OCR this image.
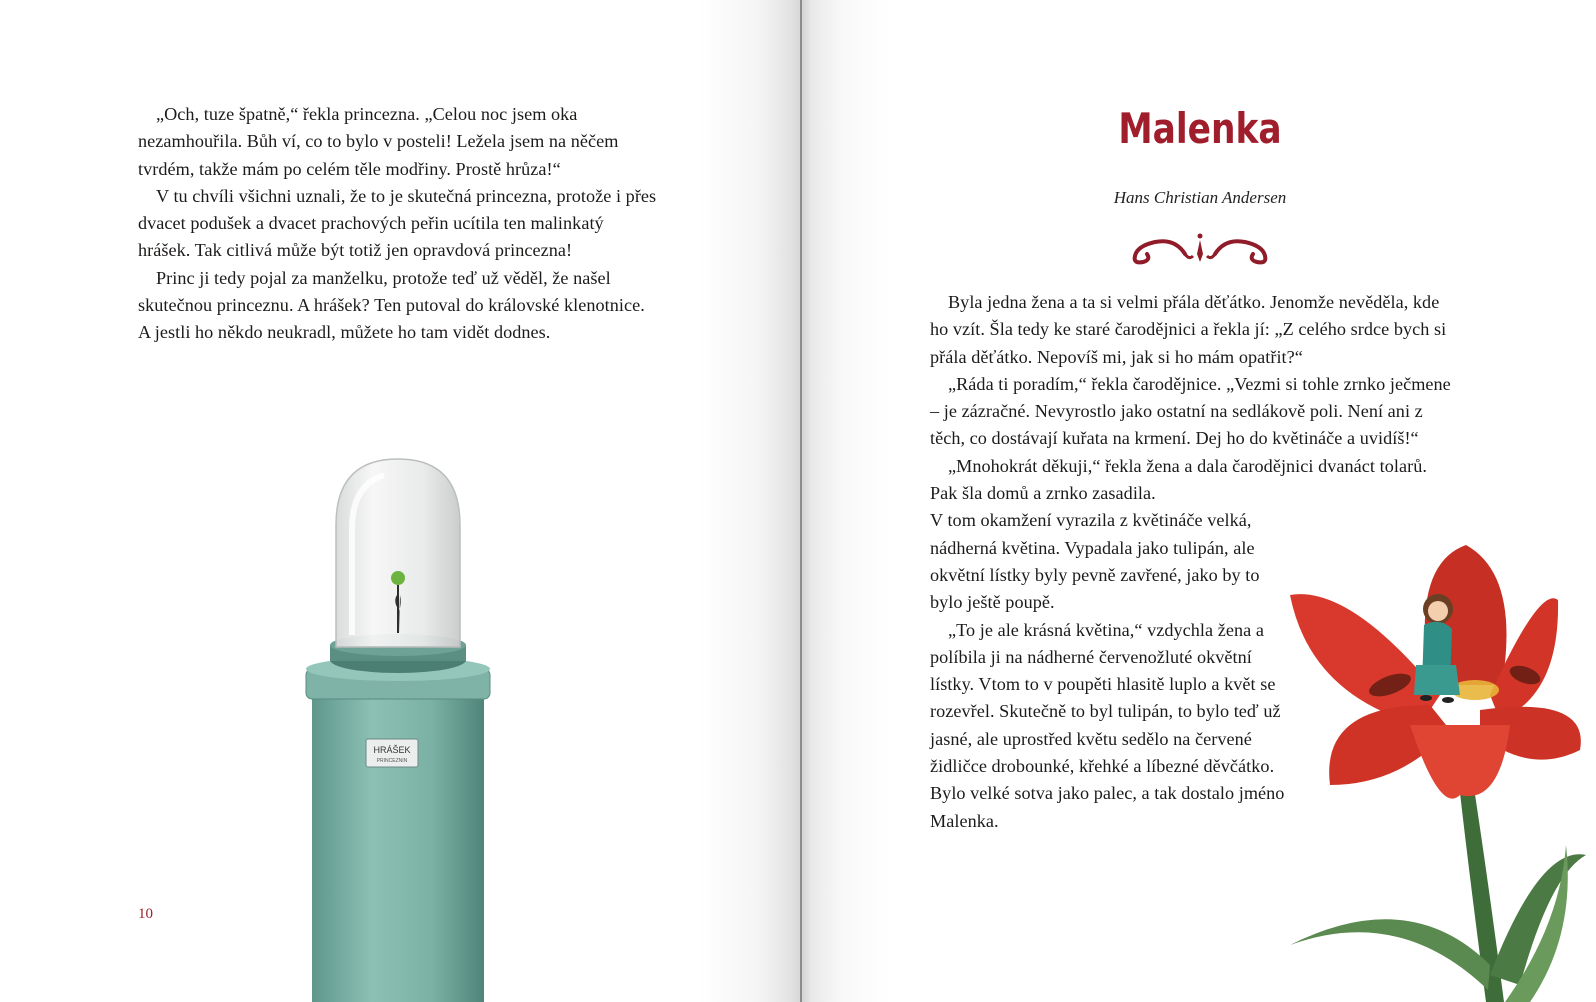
„Och, tuze špatně,“ řekla princezna. „Celou noc jsem oka nezamhouřila. Bůh ví, co to bylo v posteli! Ležela jsem na něčem tvrdém, takže mám po celém těle modřiny. Prostě hrůza!“

V tu chvíli všichni uznali, že to je skutečná princezna, protože i přes dvacet podušek a dvacet prachových peřin ucítila ten malinkatý hrášek. Tak citlivá může být totiž jen opravdová princezna!

Princ ji tedy pojal za manželku, protože teď už věděl, že našel skutečnou princeznu. A hrášek? Ten putoval do královské klenotnice. A jestli ho někdo neukradl, můžete ho tam vidět dodnes.

10
HRÁŠEK
PRINCEZNIN
Malenka
Hans Christian Andersen

Byla jedna žena a ta si velmi přála děťátko. Jenomže nevěděla, kde ho vzít. Šla tedy ke staré čarodějnici a řekla jí: „Z celého srdce bych si přála děťátko. Nepovíš mi, jak si ho mám opatřit?“

„Ráda ti poradím,“ řekla čarodějnice. „Vezmi si tohle zrnko ječmene – je zázračné. Nevyrostlo jako ostatní na sedlákově poli. Není ani z těch, co dostávají kuřata na krmení. Dej ho do květináče a uvidíš!“

„Mnohokrát děkuji,“ řekla žena a dala čarodějnici dvanáct tolarů. Pak šla domů a zrnko zasadila.

V tom okamžení vyrazila z květináče velká, nádherná květina. Vypadala jako tulipán, ale okvětní lístky byly pevně zavřené, jako by to bylo ještě poupě.

„To je ale krásná květina,“ vzdychla žena a políbila ji na nádherné červenožluté okvětní lístky. Vtom to v poupěti hlasitě luplo a květ se rozevřel. Skutečně to byl tulipán, to bylo teď už jasné, ale uprostřed květu sedělo na červené židličce drobounké, křehké a líbezné děvčátko. Bylo velké sotva jako palec, a tak dostalo jméno Malenka.
